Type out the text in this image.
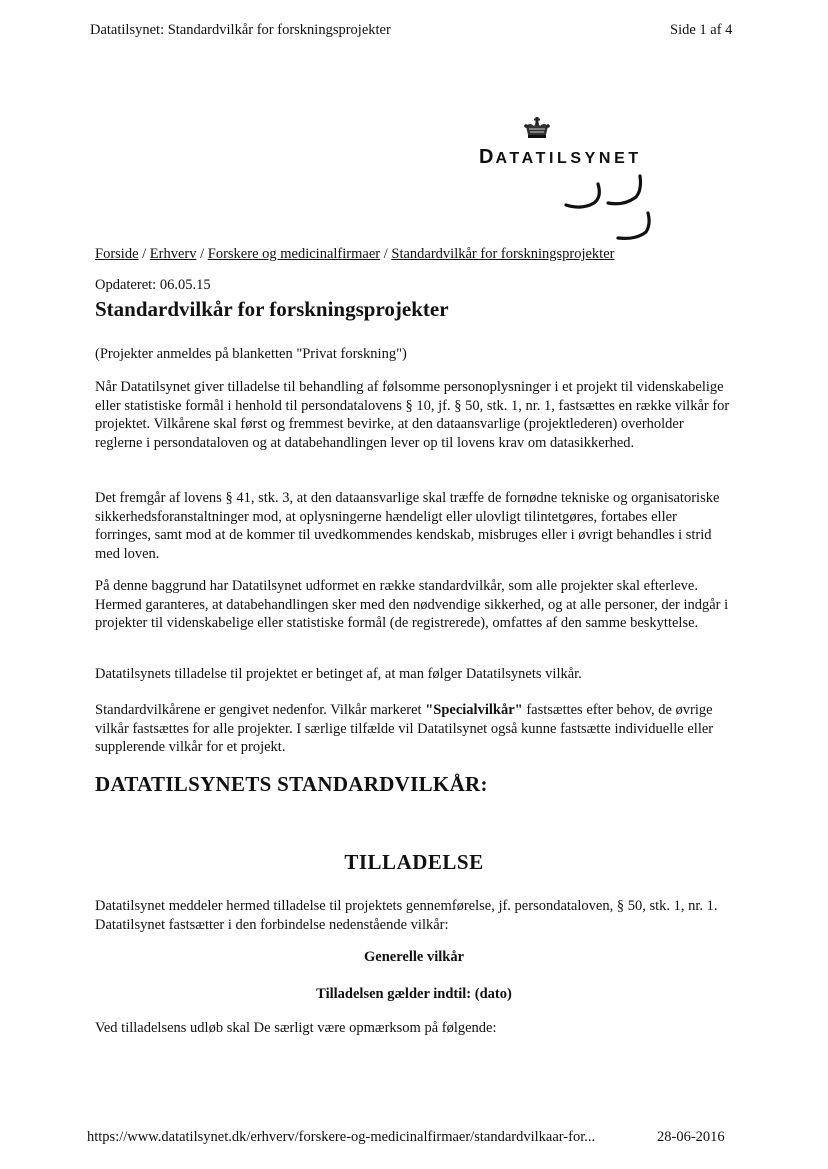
Datatilsynet: Standardvilkår for forskningsprojekter	Side 1 af 4
DATATILSYNET
Forside / Erhverv / Forskere og medicinalfirmaer / Standardvilkår for forskningsprojekter
Opdateret: 06.05.15
Standardvilkår for forskningsprojekter

(Projekter anmeldes på blanketten "Privat forskning")

Når Datatilsynet giver tilladelse til behandling af følsomme personoplysninger i et projekt til videnskabelige eller statistiske formål i henhold til persondatalovens § 10, jf. § 50, stk. 1, nr. 1, fastsættes en række vilkår for projektet. Vilkårene skal først og fremmest bevirke, at den dataansvarlige (projektlederen) overholder reglerne i persondataloven og at databehandlingen lever op til lovens krav om datasikkerhed.

Det fremgår af lovens § 41, stk. 3, at den dataansvarlige skal træffe de fornødne tekniske og organisatoriske sikkerhedsforanstaltninger mod, at oplysningerne hændeligt eller ulovligt tilintetgøres, fortabes eller forringes, samt mod at de kommer til uvedkommendes kendskab, misbruges eller i øvrigt behandles i strid med loven.

På denne baggrund har Datatilsynet udformet en række standardvilkår, som alle projekter skal efterleve. Hermed garanteres, at databehandlingen sker med den nødvendige sikkerhed, og at alle personer, der indgår i projekter til videnskabelige eller statistiske formål (de registrerede), omfattes af den samme beskyttelse.

Datatilsynets tilladelse til projektet er betinget af, at man følger Datatilsynets vilkår.

Standardvilkårene er gengivet nedenfor. Vilkår markeret "Specialvilkår" fastsættes efter behov, de øvrige vilkår fastsættes for alle projekter. I særlige tilfælde vil Datatilsynet også kunne fastsætte individuelle eller supplerende vilkår for et projekt.

DATATILSYNETS STANDARDVILKÅR:
TILLADELSE

Datatilsynet meddeler hermed tilladelse til projektets gennemførelse, jf. persondataloven, § 50, stk. 1, nr. 1. Datatilsynet fastsætter i den forbindelse nedenstående vilkår:

Generelle vilkår
Tilladelsen gælder indtil: (dato)

Ved tilladelsens udløb skal De særligt være opmærksom på følgende:

https://www.datatilsynet.dk/erhverv/forskere-og-medicinalfirmaer/standardvilkaar-for...	28-06-2016
